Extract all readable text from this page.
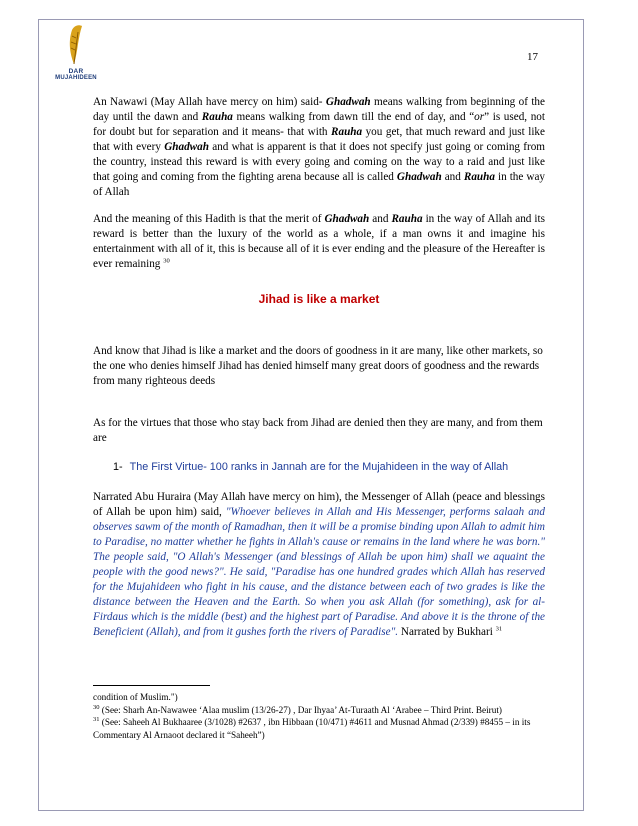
DAR
MUJAHIDEEN
17

An Nawawi (May Allah have mercy on him) said- Ghadwah means walking from beginning of the day until the dawn and Rauha means walking from dawn till the end of day, and “or” is used, not for doubt but for separation and it means- that with Rauha you get, that much reward and just like that with every Ghadwah and what is apparent is that it does not specify just going or coming from the country, instead this reward is with every going and coming on the way to a raid and just like that going and coming from the fighting arena because all is called Ghadwah and Rauha in the way of Allah

And the meaning of this Hadith is that the merit of Ghadwah and Rauha in the way of Allah and its reward is better than the luxury of the world as a whole, if a man owns it and imagine his entertainment with all of it, this is because all of it is ever ending and the pleasure of the Hereafter is ever remaining $^{30}$

Jihad is like a market

And know that Jihad is like a market and the doors of goodness in it are many, like other markets, so the one who denies himself Jihad has denied himself many great doors of goodness and the rewards from many righteous deeds

As for the virtues that those who stay back from Jihad are denied then they are many, and from them are

1- The First Virtue- 100 ranks in Jannah are for the Mujahideen in the way of Allah

Narrated Abu Huraira (May Allah have mercy on him), the Messenger of Allah (peace and blessings of Allah be upon him) said, "Whoever believes in Allah and His Messenger, performs salaah and observes sawm of the month of Ramadhan, then it will be a promise binding upon Allah to admit him to Paradise, no matter whether he fights in Allah's cause or remains in the land where he was born." The people said, "O Allah's Messenger (and blessings of Allah be upon him) shall we aquaint the people with the good news?". He said, "Paradise has one hundred grades which Allah has reserved for the Mujahideen who fight in his cause, and the distance between each of two grades is like the distance between the Heaven and the Earth. So when you ask Allah (for something), ask for al-Firdaus which is the middle (best) and the highest part of Paradise. And above it is the throne of the Beneficient (Allah), and from it gushes forth the rivers of Paradise". Narrated by Bukhari $^{31}$

condition of Muslim.")
$^{30}$ (See: Sharh An-Nawawee ‘Alaa muslim (13/26-27) , Dar Ihyaa’ At-Turaath Al ‘Arabee – Third Print. Beirut)
$^{31}$ (See: Saheeh Al Bukhaaree (3/1028) #2637 , ibn Hibbaan (10/471) #4611 and Musnad Ahmad (2/339) #8455 – in its Commentary Al Arnaoot declared it “Saheeh”)
